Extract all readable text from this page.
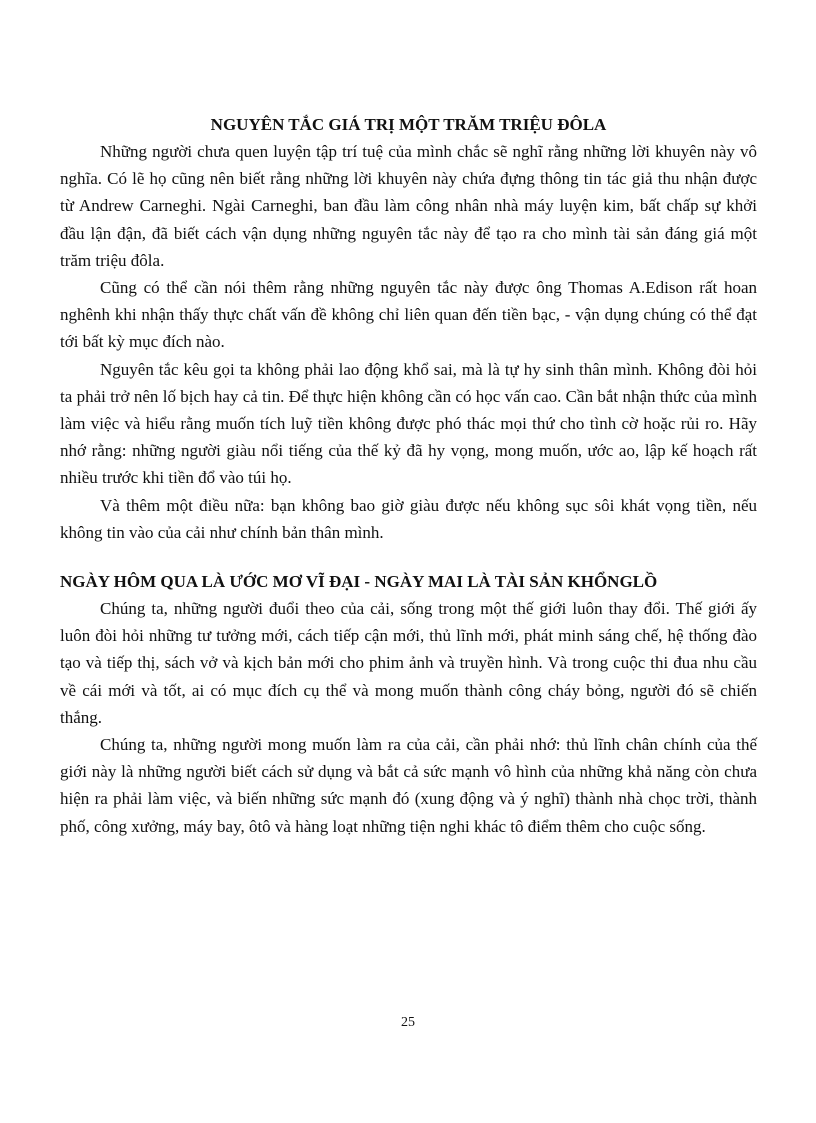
NGUYÊN TẮC GIÁ TRỊ MỘT TRĂM TRIỆU ĐÔLA

Những người chưa quen luyện tập trí tuệ của mình chắc sẽ nghĩ rằng những lời khuyên này vô nghĩa. Có lẽ họ cũng nên biết rằng những lời khuyên này chứa đựng thông tin tác giả thu nhận được từ Andrew Carneghi. Ngài Carneghi, ban đầu làm công nhân nhà máy luyện kim, bất chấp sự khởi đầu lận đận, đã biết cách vận dụng những nguyên tắc này để tạo ra cho mình tài sản đáng giá một trăm triệu đôla.

Cũng có thể cần nói thêm rằng những nguyên tắc này được ông Thomas A.Edison rất hoan nghênh khi nhận thấy thực chất vấn đề không chỉ liên quan đến tiền bạc, - vận dụng chúng có thể đạt tới bất kỳ mục đích nào.

Nguyên tắc kêu gọi ta không phải lao động khổ sai, mà là tự hy sinh thân mình. Không đòi hỏi ta phải trở nên lố bịch hay cả tin. Để thực hiện không cần có học vấn cao. Cần bắt nhận thức của mình làm việc và hiểu rằng muốn tích luỹ tiền không được phó thác mọi thứ cho tình cờ hoặc rủi ro. Hãy nhớ rằng: những người giàu nổi tiếng của thế kỷ đã hy vọng, mong muốn, ước ao, lập kế hoạch rất nhiều trước khi tiền đổ vào túi họ.

Và thêm một điều nữa: bạn không bao giờ giàu được nếu không sục sôi khát vọng tiền, nếu không tin vào của cải như chính bản thân mình.

NGÀY HÔM QUA LÀ ƯỚC MƠ VĨ ĐẠI - NGÀY MAI LÀ TÀI SẢN KHỔNGLỒ

Chúng ta, những người đuổi theo của cải, sống trong một thế giới luôn thay đổi. Thế giới ấy luôn đòi hỏi những tư tưởng mới, cách tiếp cận mới, thủ lĩnh mới, phát minh sáng chế, hệ thống đào tạo và tiếp thị, sách vở và kịch bản mới cho phim ảnh và truyền hình. Và trong cuộc thi đua nhu cầu về cái mới và tốt, ai có mục đích cụ thể và mong muốn thành công cháy bỏng, người đó sẽ chiến thắng.

Chúng ta, những người mong muốn làm ra của cải, cần phải nhớ: thủ lĩnh chân chính của thế giới này là những người biết cách sử dụng và bắt cả sức mạnh vô hình của những khả năng còn chưa hiện ra phải làm việc, và biến những sức mạnh đó (xung động và ý nghĩ) thành nhà chọc trời, thành phố, công xưởng, máy bay, ôtô và hàng loạt những tiện nghi khác tô điểm thêm cho cuộc sống.

25
